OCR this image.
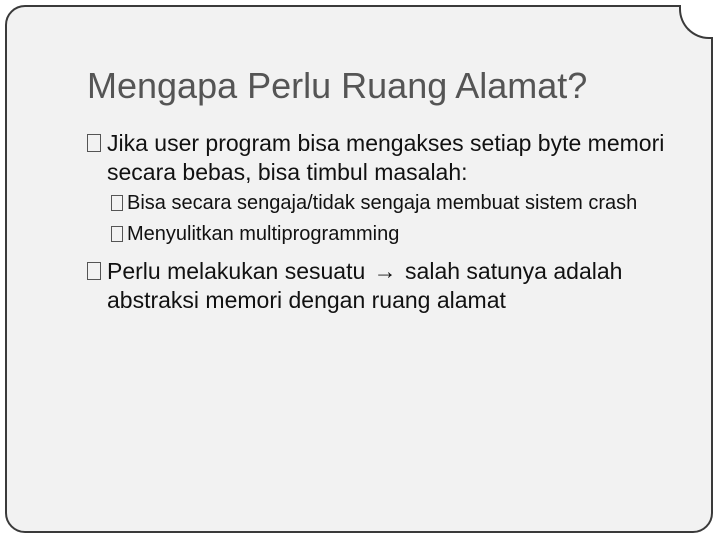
Mengapa Perlu Ruang Alamat?
Jika user program bisa mengakses setiap byte memori secara bebas, bisa timbul masalah:
Bisa secara sengaja/tidak sengaja membuat sistem crash
Menyulitkan multiprogramming
Perlu melakukan sesuatu → salah satunya adalah abstraksi memori dengan ruang alamat
